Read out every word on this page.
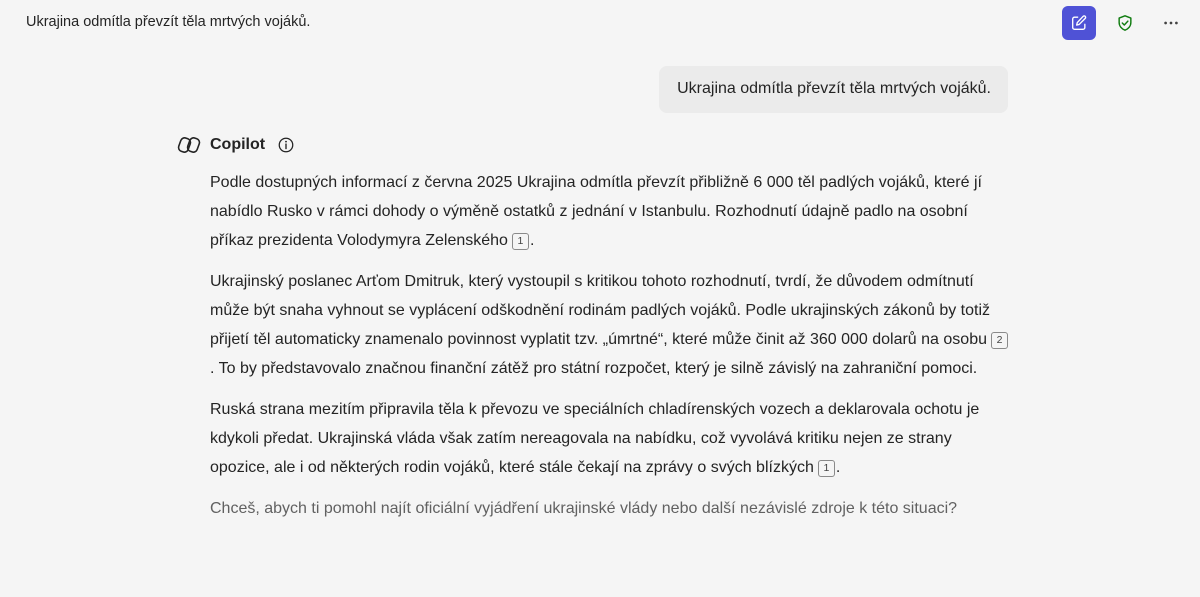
Ukrajina odmítla převzít těla mrtvých vojáků.
Ukrajina odmítla převzít těla mrtvých vojáků.
Copilot

Podle dostupných informací z června 2025 Ukrajina odmítla převzít přibližně 6 000 těl padlých vojáků, které jí nabídlo Rusko v rámci dohody o výměně ostatků z jednání v Istanbulu. Rozhodnutí údajně padlo na osobní příkaz prezidenta Volodymyra Zelenského 1 .

Ukrajinský poslanec Arťom Dmitruk, který vystoupil s kritikou tohoto rozhodnutí, tvrdí, že důvodem odmítnutí může být snaha vyhnout se vyplácení odškodnění rodinám padlých vojáků. Podle ukrajinských zákonů by totiž přijetí těl automaticky znamenalo povinnost vyplatit tzv. „úmrtné“, které může činit až 360 000 dolarů na osobu 2. To by představovalo značnou finanční zátěž pro státní rozpočet, který je silně závislý na zahraniční pomoci.

Ruská strana mezitím připravila těla k převozu ve speciálních chladírenských vozech a deklarovala ochotu je kdykoli předat. Ukrajinská vláda však zatím nereagovala na nabídku, což vyvolává kritiku nejen ze strany opozice, ale i od některých rodin vojáků, které stále čekají na zprávy o svých blízkých 1 .

Chceš, abych ti pomohl najít oficiální vyjádření ukrajinské vlády nebo další nezávislé zdroje k této situaci?
